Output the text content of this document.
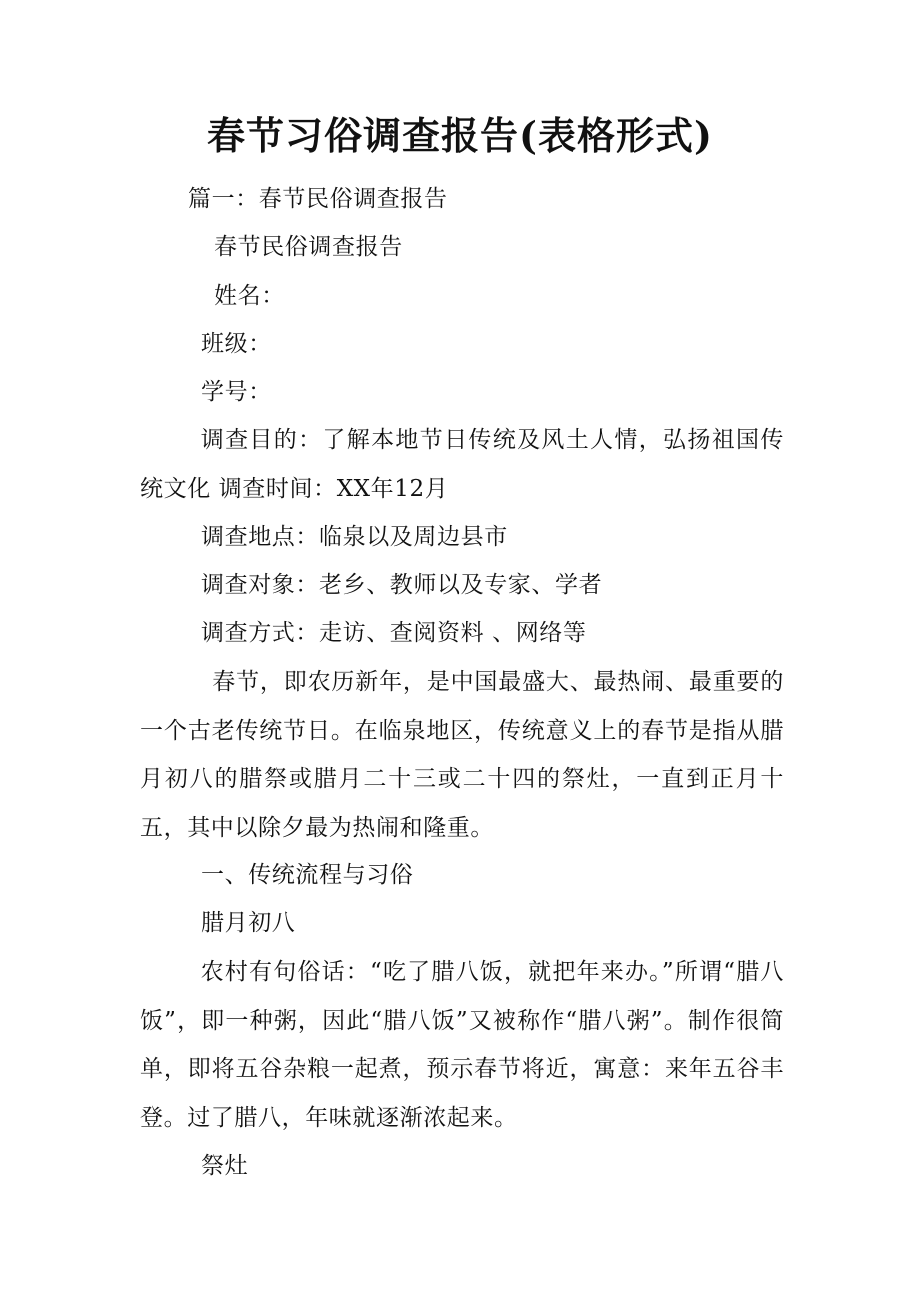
春节习俗调查报告(表格形式)
篇一：春节民俗调查报告
春节民俗调查报告
姓名：
班级：
学号：
调查目的：了解本地节日传统及风土人情，弘扬祖国传统文化 调查时间：XX年12月
调查地点：临泉以及周边县市
调查对象：老乡、教师以及专家、学者
调查方式：走访、查阅资料 、网络等
春节，即农历新年，是中国最盛大、最热闹、最重要的一个古老传统节日。在临泉地区，传统意义上的春节是指从腊月初八的腊祭或腊月二十三或二十四的祭灶，一直到正月十五，其中以除夕最为热闹和隆重。
一、传统流程与习俗
腊月初八
农村有句俗话：“吃了腊八饭，就把年来办。”所谓“腊八饭”，即一种粥，因此“腊八饭”又被称作“腊八粥”。制作很简单，即将五谷杂粮一起煮，预示春节将近，寓意：来年五谷丰登。过了腊八，年味就逐渐浓起来。
祭灶
